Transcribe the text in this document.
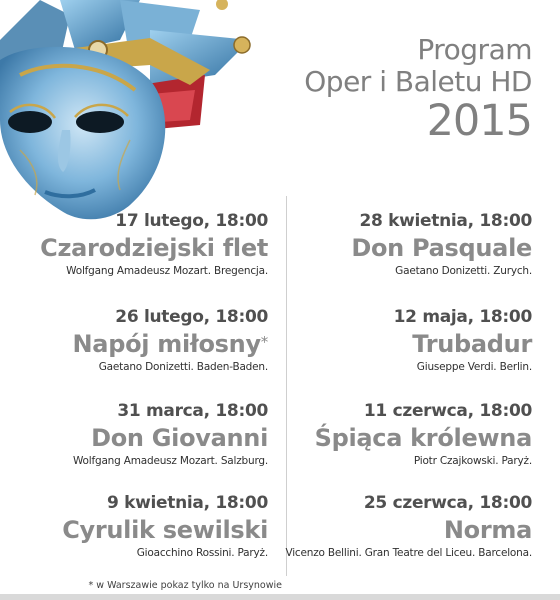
Program
Oper i Baletu HD
2015
17 lutego, 18:00
Czarodziejski flet
Wolfgang Amadeusz Mozart. Bregencja.
26 lutego, 18:00
Napój miłosny*
Gaetano Donizetti. Baden-Baden.
31 marca, 18:00
Don Giovanni
Wolfgang Amadeusz Mozart. Salzburg.
9 kwietnia, 18:00
Cyrulik sewilski
Gioacchino Rossini. Paryż.
28 kwietnia, 18:00
Don Pasquale
Gaetano Donizetti. Zurych.
12 maja, 18:00
Trubadur
Giuseppe Verdi. Berlin.
11 czerwca, 18:00
Śpiąca królewna
Piotr Czajkowski. Paryż.
25 czerwca, 18:00
Norma
Vicenzo Bellini. Gran Teatre del Liceu. Barcelona.
* w Warszawie pokaz tylko na Ursynowie
